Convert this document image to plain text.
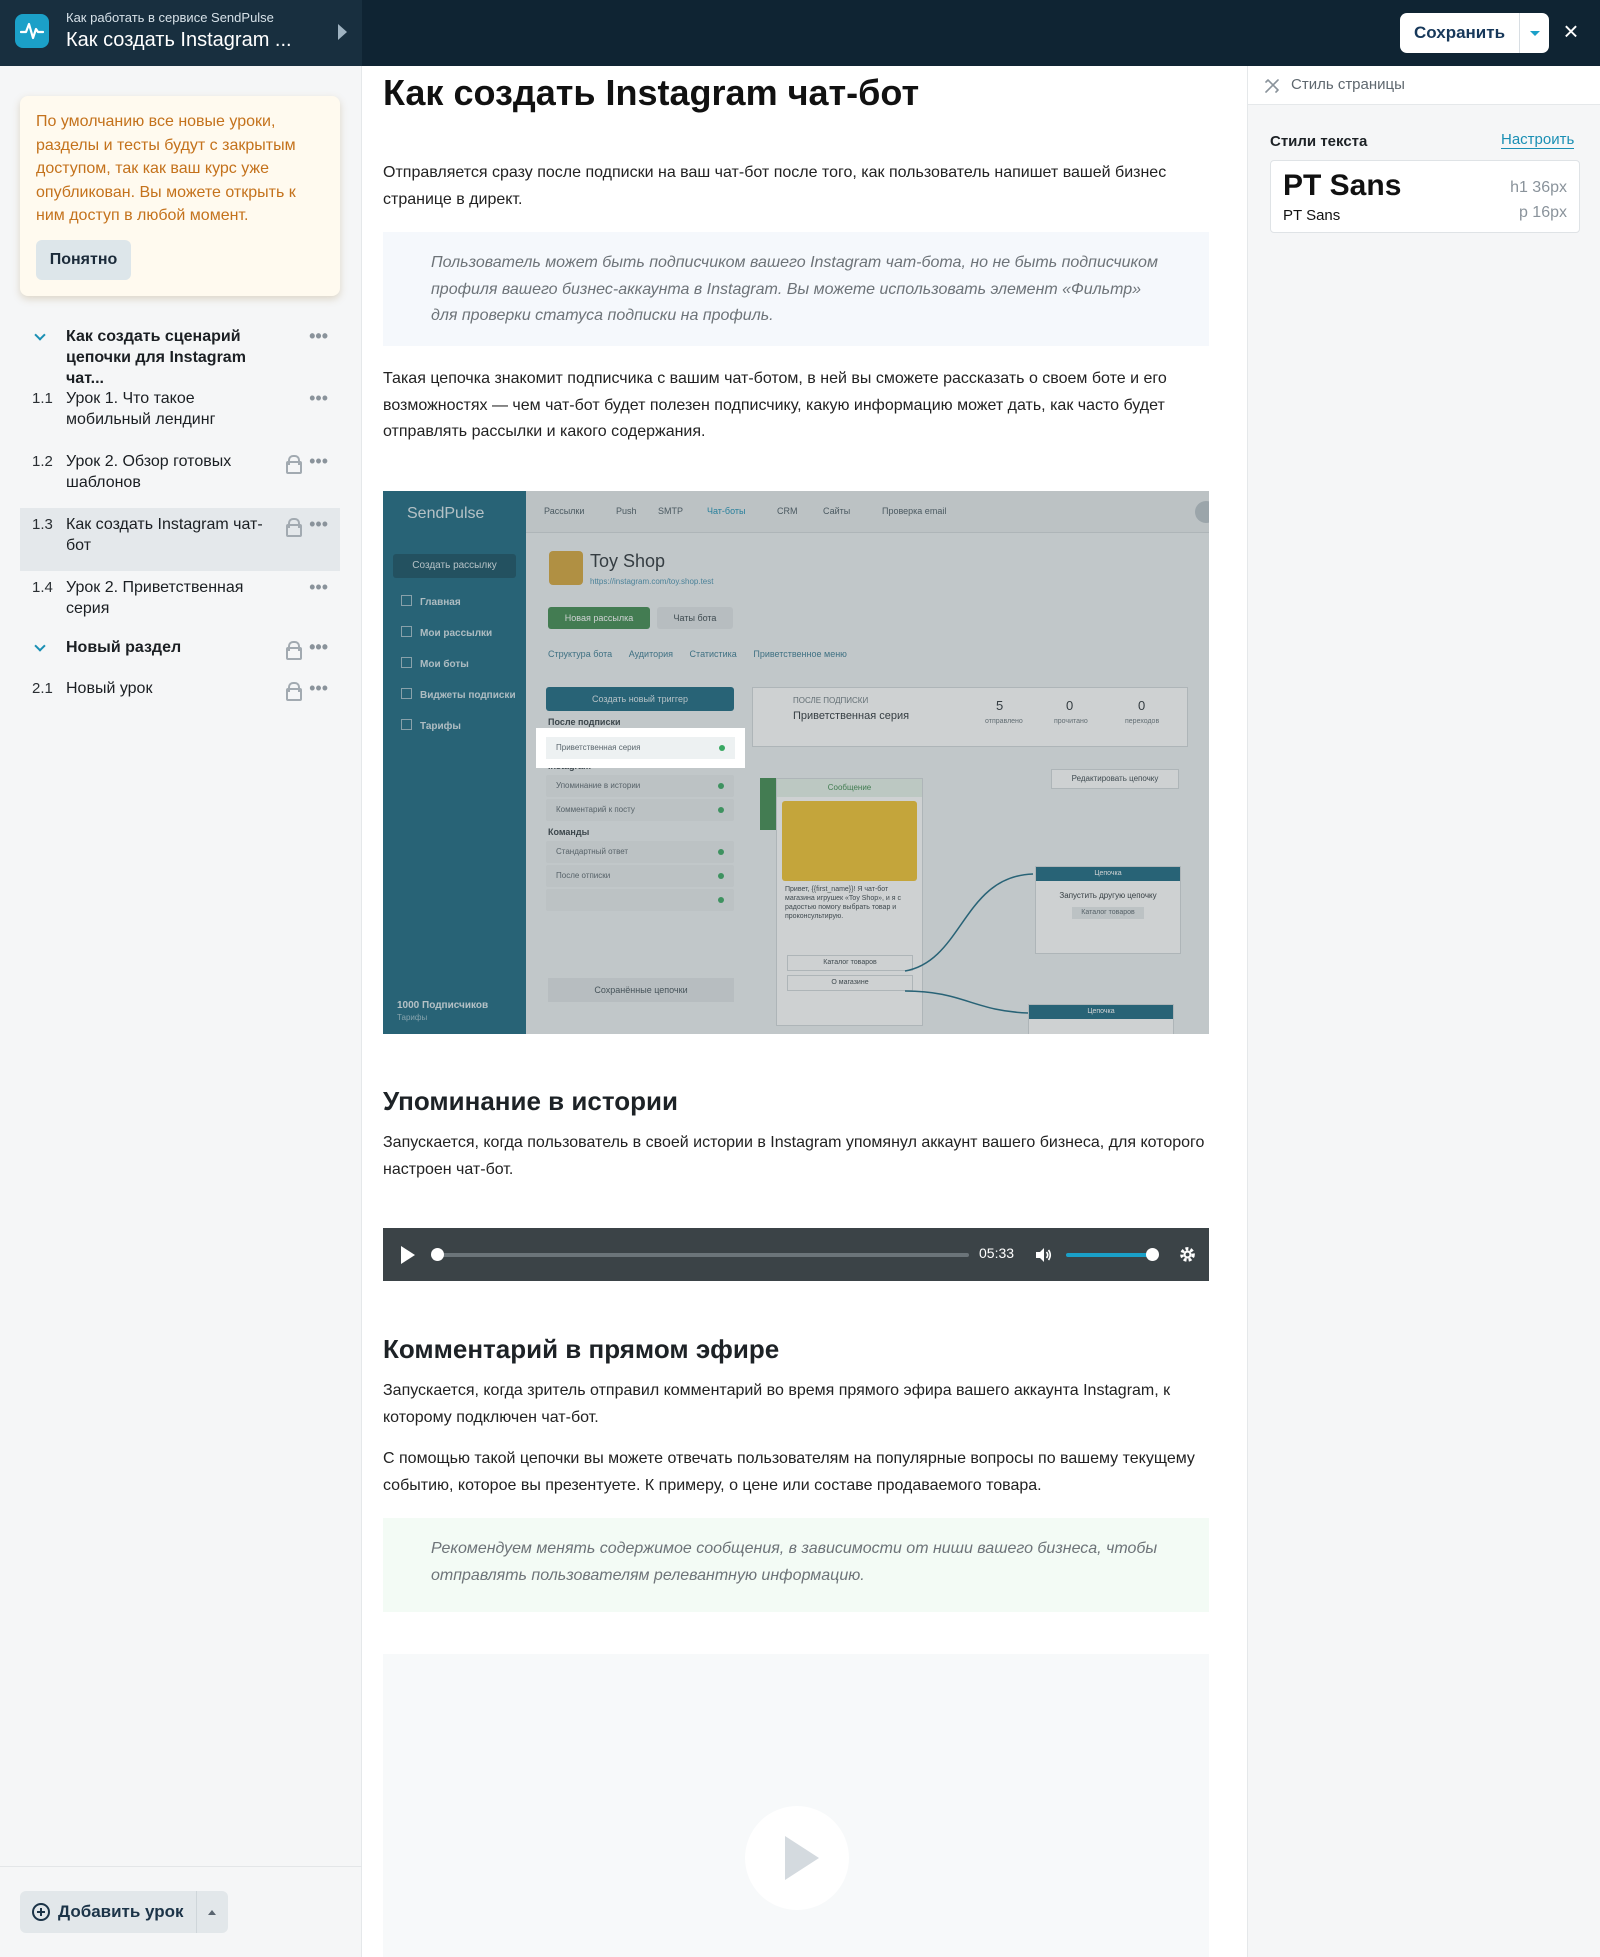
Как работать в сервисе SendPulse
Как создать Instagram ...	Сохранить	×
По умолчанию все новые уроки, разделы и тесты будут с закрытым доступом, так как ваш курс уже опубликован. Вы можете открыть к ним доступ в любой момент.
Понятно
Как создать сценарий цепочки для Instagram чат...
•••
1.1 Урок 1. Что такое мобильный лендинг
•••
1.2 Урок 2. Обзор готовых шаблонов
•••
1.3 Как создать Instagram чат-бот
•••
1.4 Урок 2. Приветственная серия
•••
Новый раздел	•••
2.1 Новый урок	•••
Добавить урок
Как создать Instagram чат-бот
Отправляется сразу после подписки на ваш чат-бот после того, как пользователь напишет вашей бизнес странице в директ.
Пользователь может быть подписчиком вашего Instagram чат-бота, но не быть подписчиком профиля вашего бизнес-аккаунта в Instagram. Вы можете использовать элемент «Фильтр» для проверки статуса подписки на профиль.
Такая цепочка знакомит подписчика с вашим чат-ботом, в ней вы сможете рассказать о своем боте и его возможностях — чем чат-бот будет полезен подписчику, какую информацию может дать, как часто будет отправлять рассылки и какого содержания.
SendPulse
Создать рассылку
Главная
Мои рассылки
Мои боты
Виджеты подписки
Тарифы
1000 Подписчиков
Тарифы
Рассылки	Push SMTP	Чат-боты	CRM	Сайты	Проверка email
Toy Shop
https://instagram.com/toy.shop.test
Новая рассылка	Чаты бота
Структура бота Аудитория Статистика Приветственное меню
Создать новый триггер
После подписки
Упоминание в истории
Комментарий к посту
Команды
Стандартный ответ
После отписки
Сохранённые цепочки
ПОСЛЕ ПОДПИСКИ
Приветственная серия
5
отправлено
0
прочитано
0
переходов
Редактировать цепочку
Сообщение
Привет, {{first_name}}! Я чат-бот магазина игрушек «Toy Shop», и я с радостью помогу выбрать товар и проконсультирую.
Каталог товаров
О магазине
Цепочка
Запустить другую цепочку
Каталог товаров
Цепочка
Приветственная серия
Упоминание в истории
Запускается, когда пользователь в своей истории в Instagram упомянул аккаунт вашего бизнеса, для которого настроен чат-бот.
05:33
Комментарий в прямом эфире
Запускается, когда зритель отправил комментарий во время прямого эфира вашего аккаунта Instagram, к которому подключен чат-бот.
С помощью такой цепочки вы можете отвечать пользователям на популярные вопросы по вашему текущему событию, которое вы презентуете. К примеру, о цене или составе продаваемого товара.
Рекомендуем менять содержимое сообщения, в зависимости от ниши вашего бизнеса, чтобы отправлять пользователям релевантную информацию.
Стиль страницы
Стили текста	Настроить
PT Sans
PT Sans
h1 36px
p 16px
